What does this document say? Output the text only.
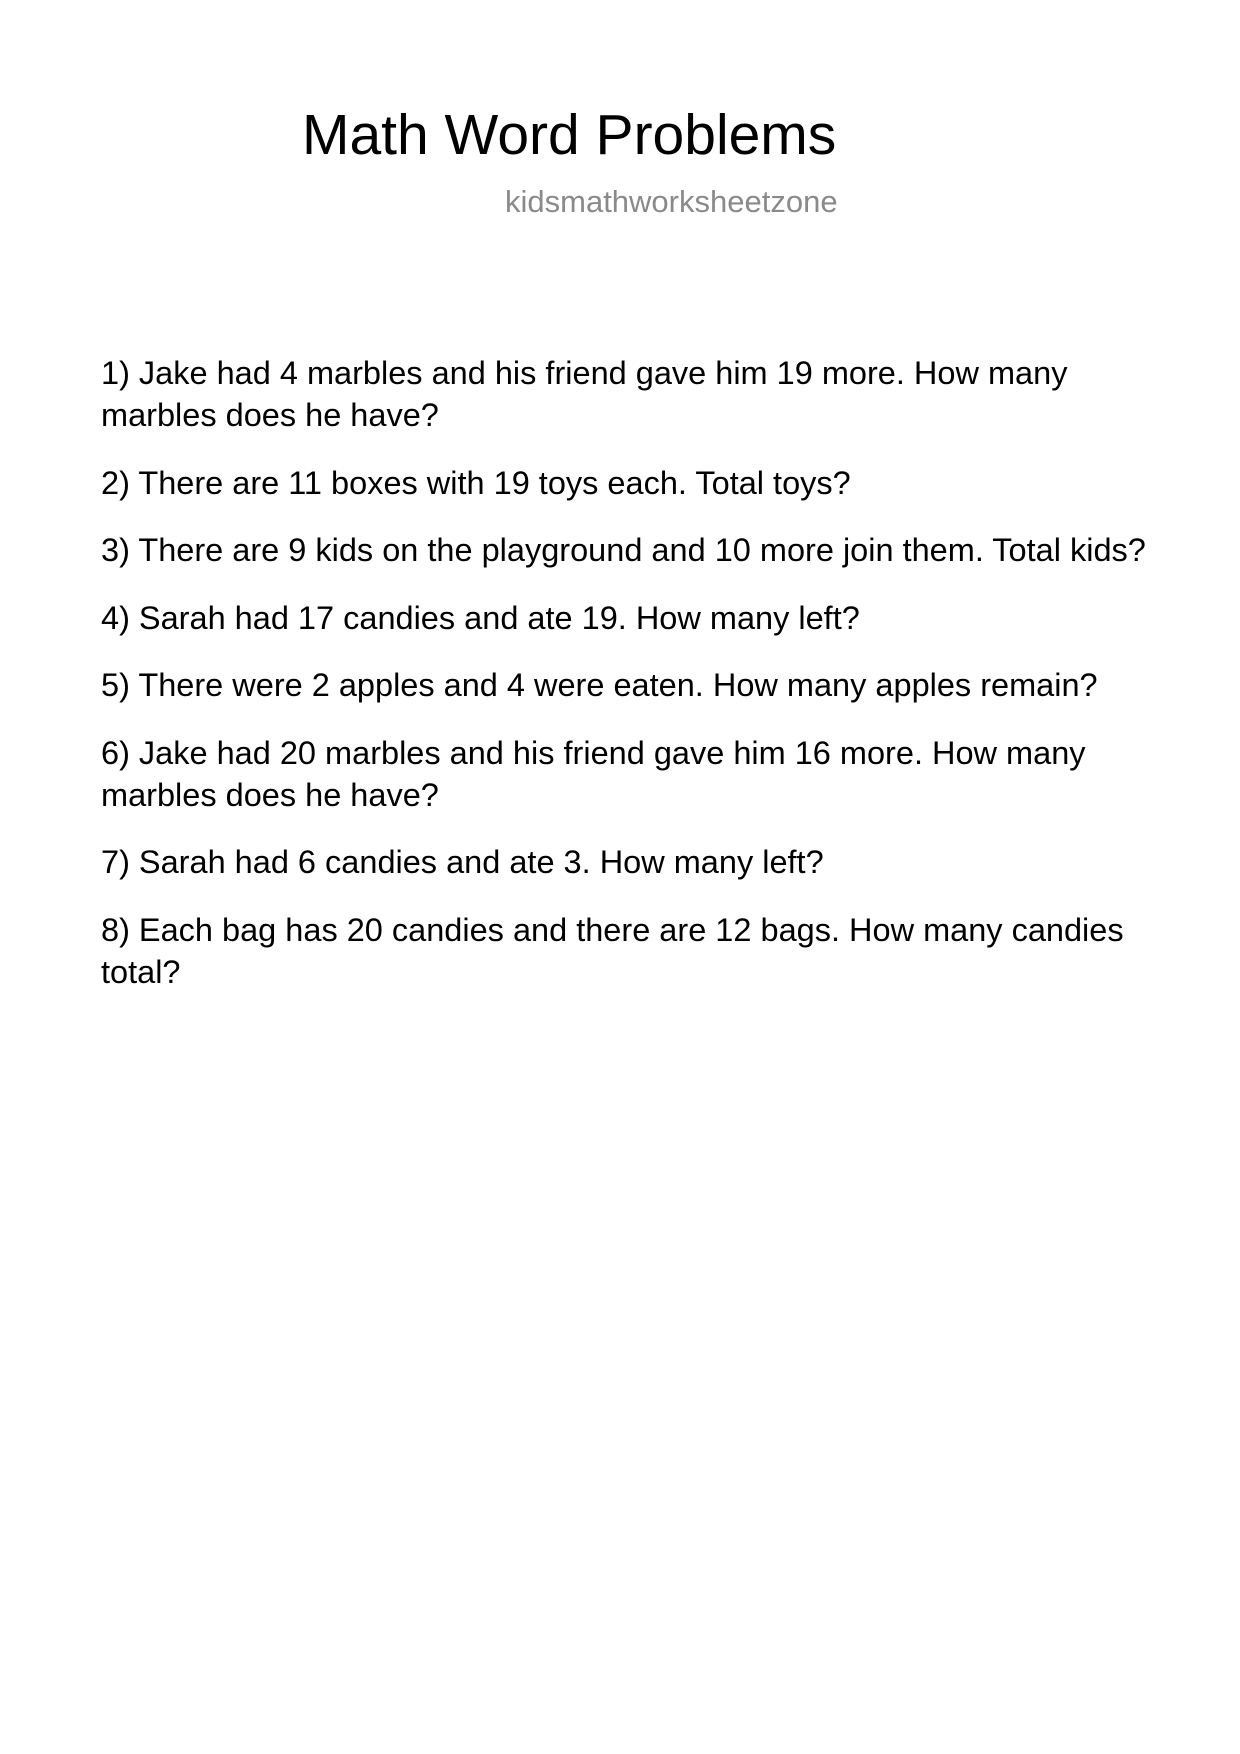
Math Word Problems
kidsmathworksheetzone
1) Jake had 4 marbles and his friend gave him 19 more. How many marbles does he have?
2) There are 11 boxes with 19 toys each. Total toys?
3) There are 9 kids on the playground and 10 more join them. Total kids?
4) Sarah had 17 candies and ate 19. How many left?
5) There were 2 apples and 4 were eaten. How many apples remain?
6) Jake had 20 marbles and his friend gave him 16 more. How many marbles does he have?
7) Sarah had 6 candies and ate 3. How many left?
8) Each bag has 20 candies and there are 12 bags. How many candies total?
